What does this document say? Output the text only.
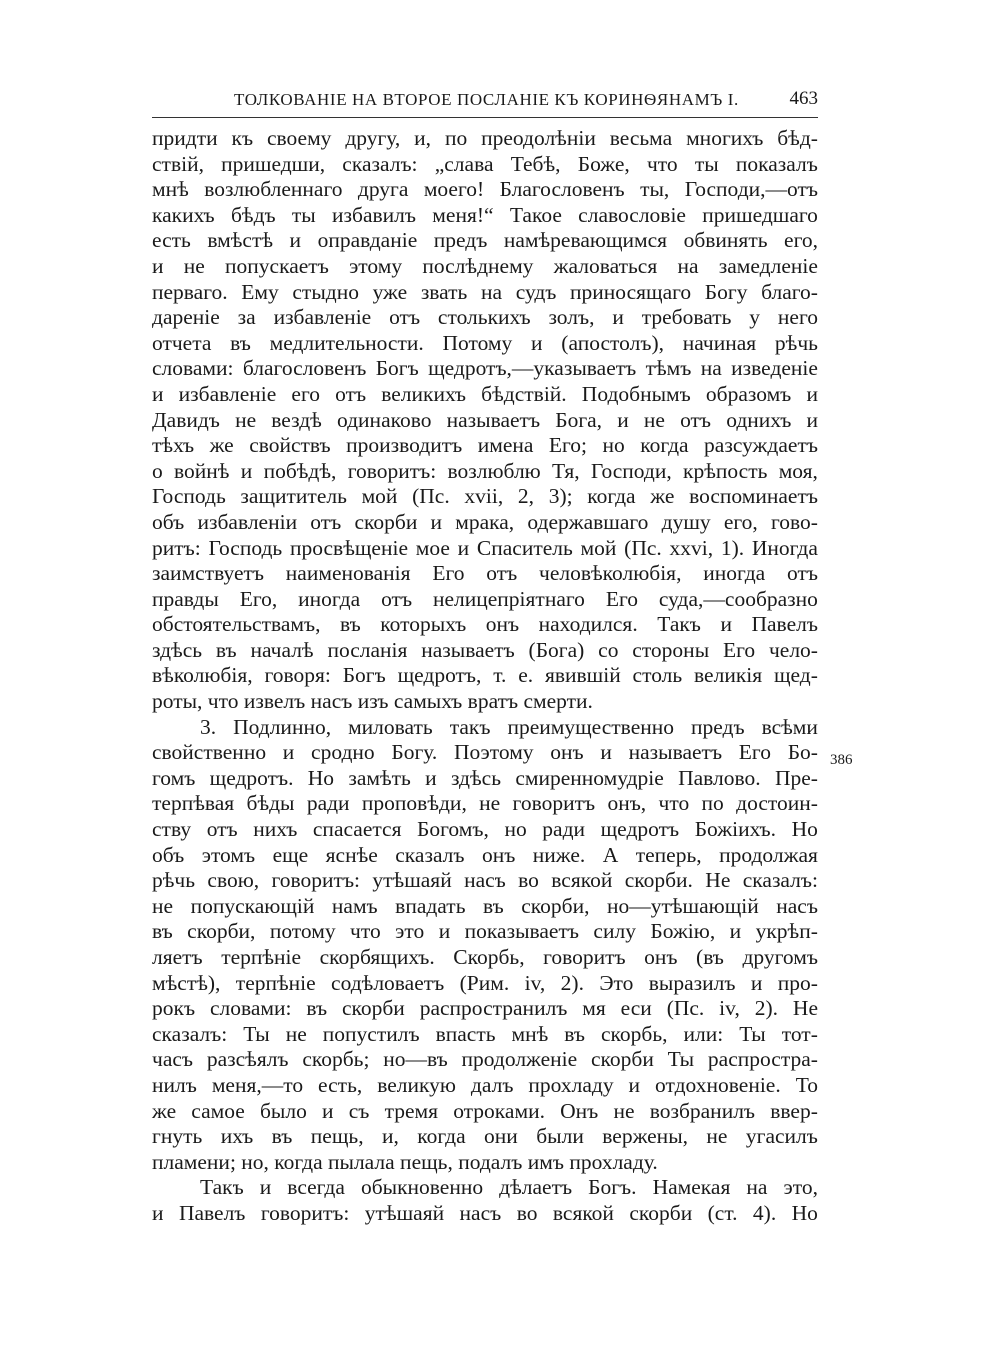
ТОЛКОВАНІЕ НА ВТОРОЕ ПОСЛАНІЕ КЪ КОРИНѲЯНАМЪ I.	463
придти къ своему другу, и, по преодолѣніи весьма многихъ бѣд-
ствій, пришедши, сказалъ: „слава Тебѣ, Боже, что ты показалъ
мнѣ возлюбленнаго друга моего! Благословенъ ты, Господи,—отъ
какихъ бѣдъ ты избавилъ меня!“ Такое славословіе пришедшаго
есть вмѣстѣ и оправданіе предъ намѣревающимся обвинять его,
и не попускаетъ этому послѣднему жаловаться на замедленіе
перваго. Ему стыдно уже звать на судъ приносящаго Богу благо-
дареніе за избавленіе отъ столькихъ золъ, и требовать у него
отчета въ медлительности. Потому и (апостолъ), начиная рѣчь
словами: благословенъ Богъ щедротъ,—указываетъ тѣмъ на изведеніе
и избавленіе его отъ великихъ бѣдствій. Подобнымъ образомъ и
Давидъ не вездѣ одинаково называетъ Бога, и не отъ однихъ и
тѣхъ же свойствъ производитъ имена Его; но когда разсуждаетъ
о войнѣ и побѣдѣ, говоритъ: возлюблю Тя, Господи, крѣпость моя,
Господь защититель мой (Пс. xvii, 2, 3); когда же воспоминаетъ
объ избавленіи отъ скорби и мрака, одержавшаго душу его, гово-
ритъ: Господь просвѣщеніе мое и Спаситель мой (Пс. xxvi, 1). Иногда
заимствуетъ наименованія Его отъ человѣколюбія, иногда отъ
правды Его, иногда отъ нелицепріятнаго Его суда,—сообразно
обстоятельствамъ, въ которыхъ онъ находился. Такъ и Павелъ
здѣсь въ началѣ посланія называетъ (Бога) со стороны Его чело-
вѣколюбія, говоря: Богъ щедротъ, т. е. явившій столь великія щед-
роты, что извелъ насъ изъ самыхъ вратъ смерти.
3. Подлинно, миловать такъ преимущественно предъ всѣми
свойственно и сродно Богу. Поэтому онъ и называетъ Его Бо-
гомъ щедротъ. Но замѣть и здѣсь смиренномудріе Павлово. Пре-
терпѣвая бѣды ради проповѣди, не говоритъ онъ, что по достоин-
ству отъ нихъ спасается Богомъ, но ради щедротъ Божіихъ. Но
объ этомъ еще яснѣе сказалъ онъ ниже. А теперь, продолжая
рѣчь свою, говоритъ: утѣшаяй насъ во всякой скорби. Не сказалъ:
не попускающій намъ впадать въ скорби, но—утѣшающій насъ
въ скорби, потому что это и показываетъ силу Божію, и укрѣп-
ляетъ терпѣніе скорбящихъ. Скорбь, говоритъ онъ (въ другомъ
мѣстѣ), терпѣніе содѣловаетъ (Рим. iv, 2). Это выразилъ и про-
рокъ словами: въ скорби распространилъ мя еси (Пс. iv, 2). Не
сказалъ: Ты не попустилъ впасть мнѣ въ скорбь, или: Ты тот-
часъ разсѣялъ скорбь; но—въ продолженіе скорби Ты распростра-
нилъ меня,—то есть, великую далъ прохладу и отдохновеніе. То
же самое было и съ тремя отроками. Онъ не возбранилъ ввер-
гнуть ихъ въ пещь, и, когда они были вержены, не угасилъ
пламени; но, когда пылала пещь, подалъ имъ прохладу.
Такъ и всегда обыкновенно дѣлаетъ Богъ. Намекая на это,
и Павелъ говоритъ: утѣшаяй насъ во всякой скорби (ст. 4). Но
386
